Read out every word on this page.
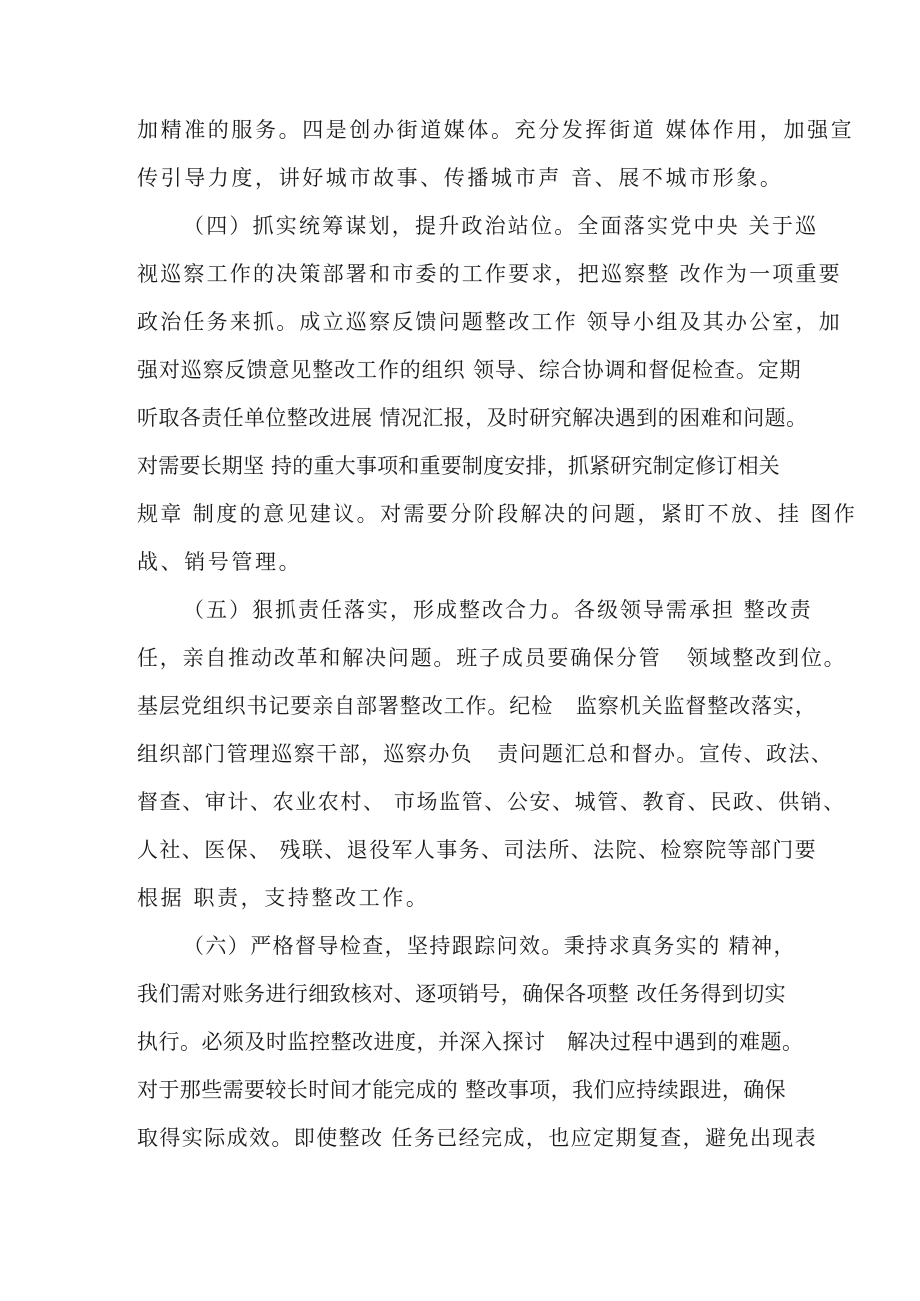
加精准的服务。四是创办街道媒体。充分发挥街道 媒体作用，加强宣
传引导力度，讲好城市故事、传播城市声 音、展不城市形象。
（四）抓实统筹谋划，提升政治站位。全面落实党中央 关于巡
视巡察工作的决策部署和市委的工作要求，把巡察整 改作为一项重要
政治任务来抓。成立巡察反馈问题整改工作 领导小组及其办公室，加
强对巡察反馈意见整改工作的组织 领导、综合协调和督促检查。定期
听取各责任单位整改进展 情况汇报，及时研究解决遇到的困难和问题。
对需要长期坚 持的重大事项和重要制度安排，抓紧研究制定修订相关
规章 制度的意见建议。对需要分阶段解决的问题，紧盯不放、挂 图作
战、销号管理。
（五）狠抓责任落实，形成整改合力。各级领导需承担 整改责
任，亲自推动改革和解决问题。班子成员要确保分管   领域整改到位。
基层党组织书记要亲自部署整改工作。纪检   监察机关监督整改落实，
组织部门管理巡察干部，巡察办负   责问题汇总和督办。宣传、政法、
督查、审计、农业农村、 市场监管、公安、城管、教育、民政、供销、
人社、医保、 残联、退役军人事务、司法所、法院、检察院等部门要
根据 职责，支持整改工作。
（六）严格督导检查，坚持跟踪问效。秉持求真务实的 精神，
我们需对账务进行细致核对、逐项销号，确保各项整 改任务得到切实
执行。必须及时监控整改进度，并深入探讨   解决过程中遇到的难题。
对于那些需要较长时间才能完成的 整改事项，我们应持续跟进，确保
取得实际成效。即使整改 任务已经完成，也应定期复查，避免出现表
